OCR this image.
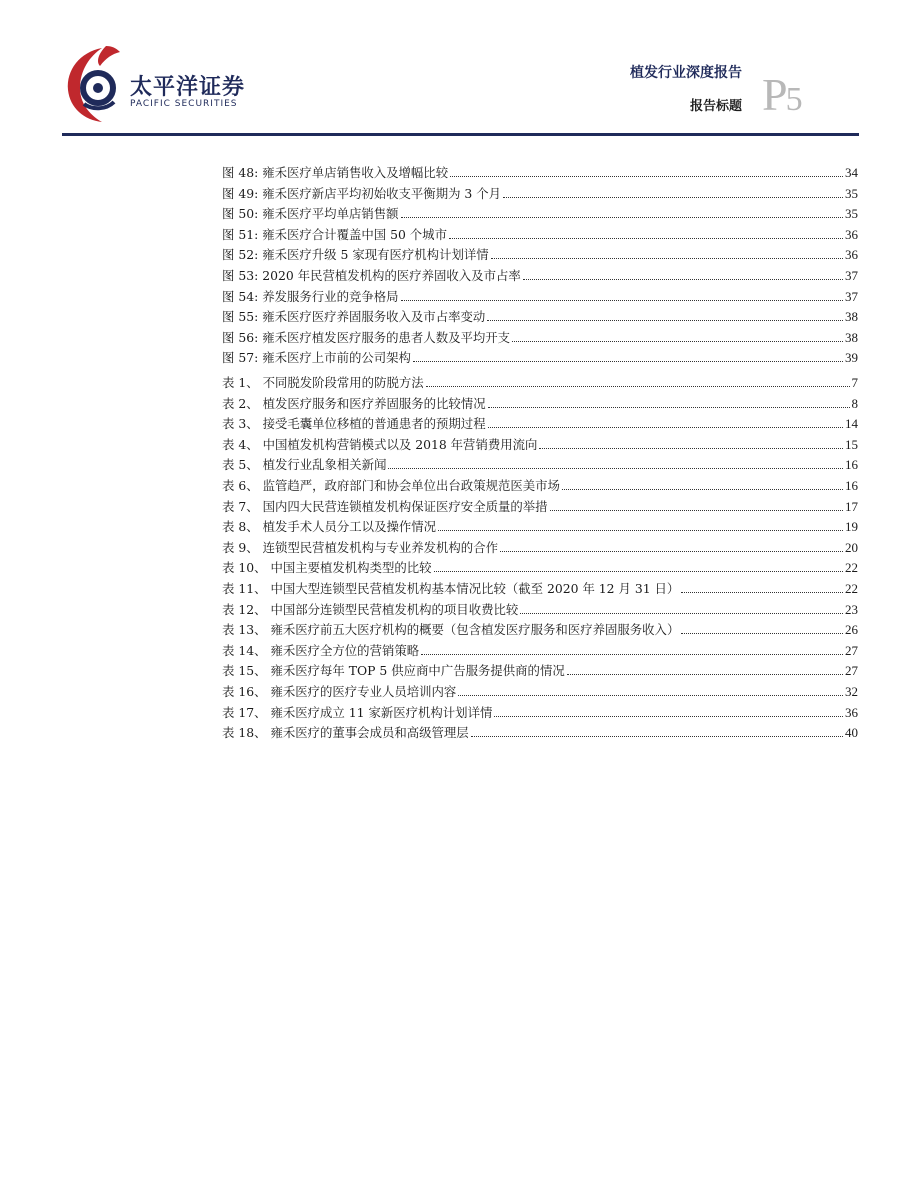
太平洋证券
PACIFIC SECURITIES
植发行业深度报告
报告标题 P5
图 48: 雍禾医疗单店销售收入及增幅比较	34
图 49: 雍禾医疗新店平均初始收支平衡期为 3 个月	35
图 50: 雍禾医疗平均单店销售额	35
图 51: 雍禾医疗合计覆盖中国 50 个城市	36
图 52: 雍禾医疗升级 5 家现有医疗机构计划详情	36
图 53: 2020 年民营植发机构的医疗养固收入及市占率	37
图 54: 养发服务行业的竞争格局	37
图 55: 雍禾医疗医疗养固服务收入及市占率变动	38
图 56: 雍禾医疗植发医疗服务的患者人数及平均开支	38
图 57: 雍禾医疗上市前的公司架构	39
表 1、 不同脱发阶段常用的防脱方法	7
表 2、 植发医疗服务和医疗养固服务的比较情况	8
表 3、 接受毛囊单位移植的普通患者的预期过程	14
表 4、 中国植发机构营销模式以及 2018 年营销费用流向	15
表 5、 植发行业乱象相关新闻	16
表 6、 监管趋严，政府部门和协会单位出台政策规范医美市场	16
表 7、 国内四大民营连锁植发机构保证医疗安全质量的举措	17
表 8、 植发手术人员分工以及操作情况	19
表 9、 连锁型民营植发机构与专业养发机构的合作	20
表 10、 中国主要植发机构类型的比较	22
表 11、 中国大型连锁型民营植发机构基本情况比较（截至 2020 年 12 月 31 日）	22
表 12、 中国部分连锁型民营植发机构的项目收费比较	23
表 13、 雍禾医疗前五大医疗机构的概要（包含植发医疗服务和医疗养固服务收入）	26
表 14、 雍禾医疗全方位的营销策略	27
表 15、 雍禾医疗每年 TOP 5 供应商中广告服务提供商的情况	27
表 16、 雍禾医疗的医疗专业人员培训内容	32
表 17、 雍禾医疗成立 11 家新医疗机构计划详情	36
表 18、 雍禾医疗的董事会成员和高级管理层	40
